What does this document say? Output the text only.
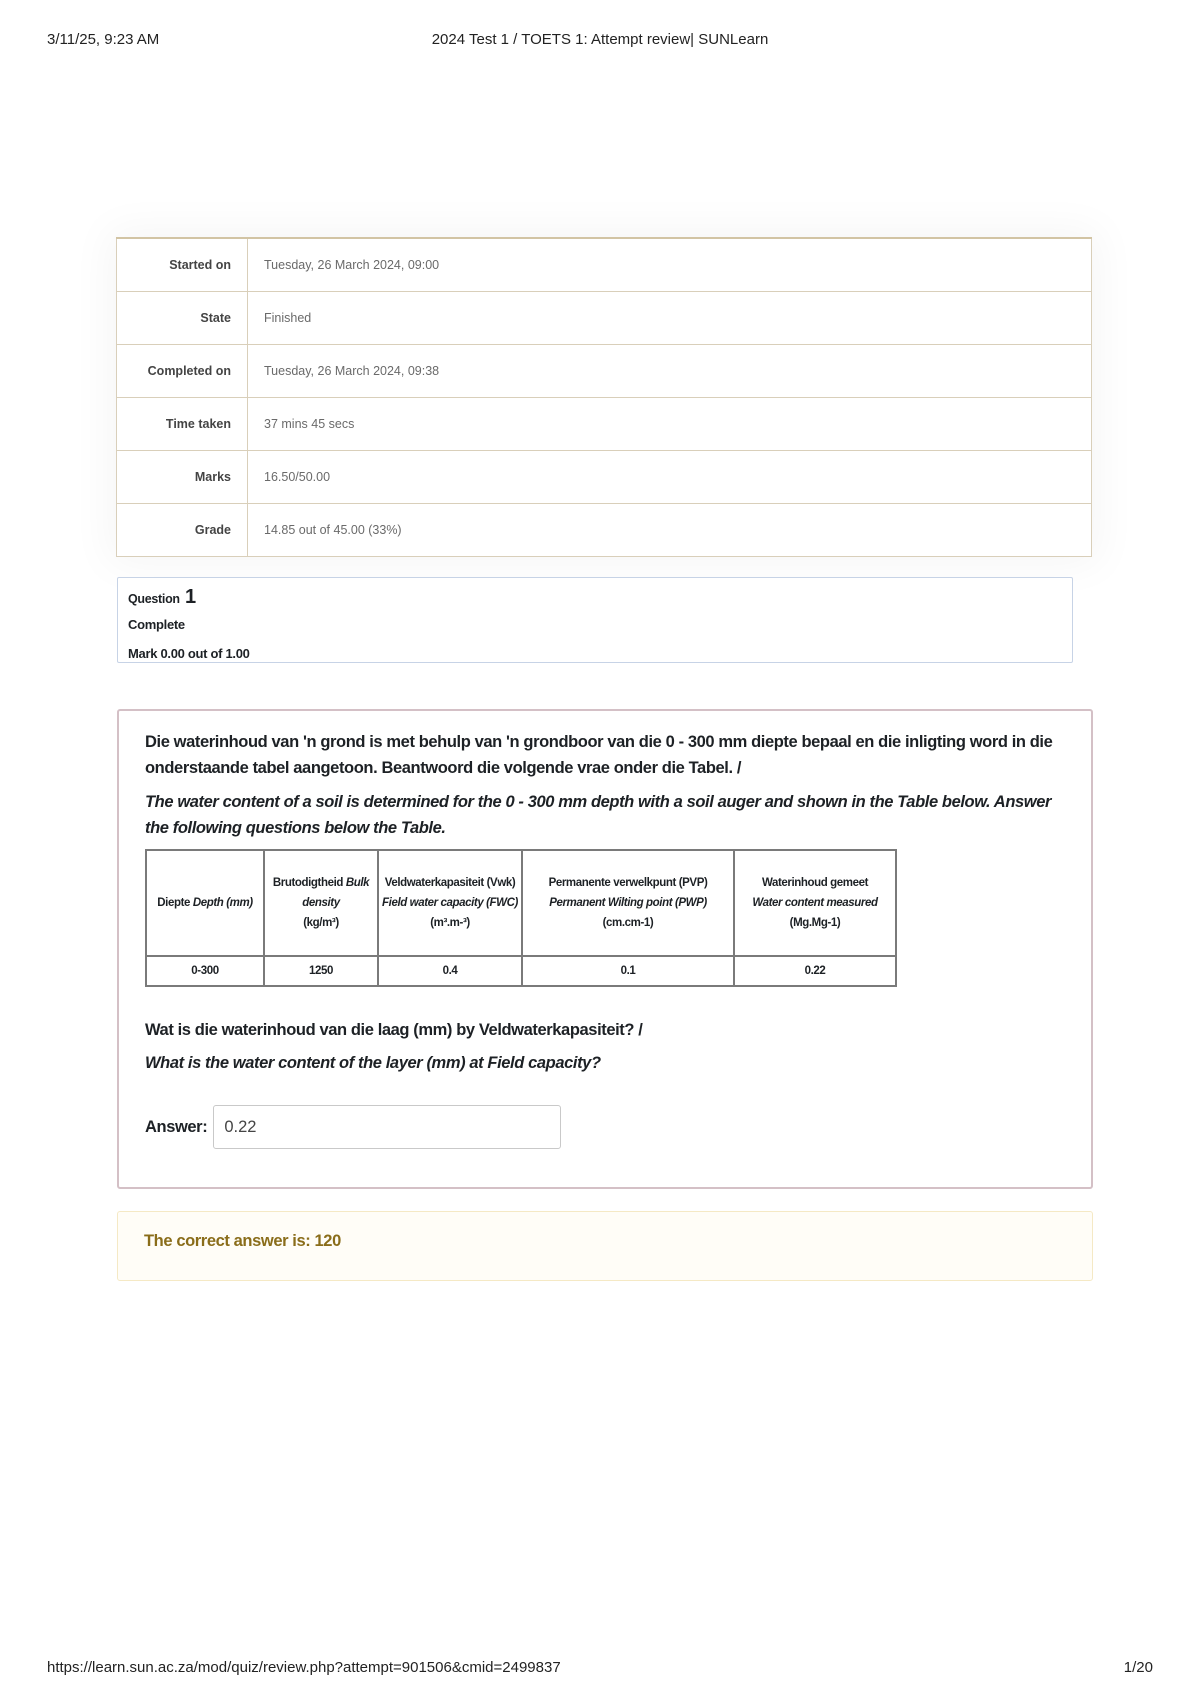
3/11/25, 9:23 AM	2024 Test 1 / TOETS 1: Attempt review| SUNLearn
Started on	Tuesday, 26 March 2024, 09:00
State	Finished
Completed on	Tuesday, 26 March 2024, 09:38
Time taken	37 mins 45 secs
Marks	16.50/50.00
Grade	14.85 out of 45.00 (33%)
Question 1
Complete
Mark 0.00 out of 1.00

Die waterinhoud van 'n grond is met behulp van 'n grondboor van die 0 - 300 mm diepte bepaal en die inligting word in die onderstaande tabel aangetoon. Beantwoord die volgende vrae onder die Tabel. /

The water content of a soil is determined for the 0 - 300 mm depth with a soil auger and shown in the Table below. Answer the following questions below the Table.

Diepte Depth (mm)	Brutodigtheid Bulk density
(kg/m³)	Veldwaterkapasiteit (Vwk)
Field water capacity (FWC)
(m³.m-³)	Permanente verwelkpunt (PVP)
Permanent Wilting point (PWP)
(cm.cm-1)	Waterinhoud gemeet
Water content measured
(Mg.Mg-1)
0-300	1250	0.4	0.1	0.22

Wat is die waterinhoud van die laag (mm) by Veldwaterkapasiteit? /

What is the water content of the layer (mm) at Field capacity?

Answer:
0.22
The correct answer is: 120
https://learn.sun.ac.za/mod/quiz/review.php?attempt=901506&cmid=2499837	1/20
